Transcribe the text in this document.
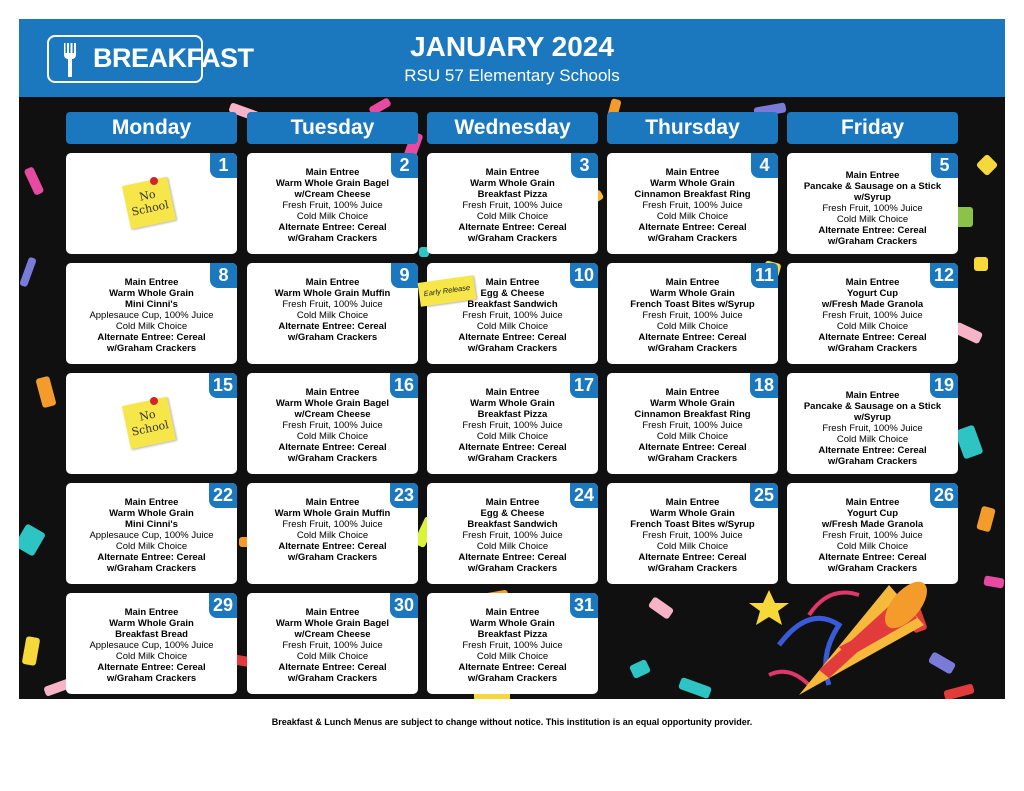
BREAKFAST	JANUARY 2024
RSU 57 Elementary Schools
Monday	Tuesday	Wednesday	Thursday	Friday
1
No School
2
Main Entree
Warm Whole Grain Bagel
w/Cream Cheese
Fresh Fruit, 100% Juice
Cold Milk Choice
Alternate Entree: Cereal
w/Graham Crackers
3
Main Entree
Warm Whole Grain
Breakfast Pizza
Fresh Fruit, 100% Juice
Cold Milk Choice
Alternate Entree: Cereal
w/Graham Crackers
4
Main Entree
Warm Whole Grain
Cinnamon Breakfast Ring
Fresh Fruit, 100% Juice
Cold Milk Choice
Alternate Entree: Cereal
w/Graham Crackers
5
Main Entree
Pancake & Sausage on a Stick
w/Syrup
Fresh Fruit, 100% Juice
Cold Milk Choice
Alternate Entree: Cereal
w/Graham Crackers
8
Main Entree
Warm Whole Grain
Mini Cinni's
Applesauce Cup, 100% Juice
Cold Milk Choice
Alternate Entree: Cereal
w/Graham Crackers
9
Main Entree
Warm Whole Grain Muffin
Fresh Fruit, 100% Juice
Cold Milk Choice
Alternate Entree: Cereal
w/Graham Crackers
10
Main Entree
Egg & Cheese
Breakfast Sandwich
Fresh Fruit, 100% Juice
Cold Milk Choice
Alternate Entree: Cereal
w/Graham Crackers
11
Main Entree
Warm Whole Grain
French Toast Bites w/Syrup
Fresh Fruit, 100% Juice
Cold Milk Choice
Alternate Entree: Cereal
w/Graham Crackers
12
Main Entree
Yogurt Cup
w/Fresh Made Granola
Fresh Fruit, 100% Juice
Cold Milk Choice
Alternate Entree: Cereal
w/Graham Crackers
15
No School
16
Main Entree
Warm Whole Grain Bagel
w/Cream Cheese
Fresh Fruit, 100% Juice
Cold Milk Choice
Alternate Entree: Cereal
w/Graham Crackers
17
Main Entree
Warm Whole Grain
Breakfast Pizza
Fresh Fruit, 100% Juice
Cold Milk Choice
Alternate Entree: Cereal
w/Graham Crackers
18
Main Entree
Warm Whole Grain
Cinnamon Breakfast Ring
Fresh Fruit, 100% Juice
Cold Milk Choice
Alternate Entree: Cereal
w/Graham Crackers
19
Main Entree
Pancake & Sausage on a Stick
w/Syrup
Fresh Fruit, 100% Juice
Cold Milk Choice
Alternate Entree: Cereal
w/Graham Crackers
22
Main Entree
Warm Whole Grain
Mini Cinni's
Applesauce Cup, 100% Juice
Cold Milk Choice
Alternate Entree: Cereal
w/Graham Crackers
23
Main Entree
Warm Whole Grain Muffin
Fresh Fruit, 100% Juice
Cold Milk Choice
Alternate Entree: Cereal
w/Graham Crackers
24
Main Entree
Egg & Cheese
Breakfast Sandwich
Fresh Fruit, 100% Juice
Cold Milk Choice
Alternate Entree: Cereal
w/Graham Crackers
25
Main Entree
Warm Whole Grain
French Toast Bites w/Syrup
Fresh Fruit, 100% Juice
Cold Milk Choice
Alternate Entree: Cereal
w/Graham Crackers
26
Main Entree
Yogurt Cup
w/Fresh Made Granola
Fresh Fruit, 100% Juice
Cold Milk Choice
Alternate Entree: Cereal
w/Graham Crackers
29
Main Entree
Warm Whole Grain
Breakfast Bread
Applesauce Cup, 100% Juice
Cold Milk Choice
Alternate Entree: Cereal
w/Graham Crackers
30
Main Entree
Warm Whole Grain Bagel
w/Cream Cheese
Fresh Fruit, 100% Juice
Cold Milk Choice
Alternate Entree: Cereal
w/Graham Crackers
31
Main Entree
Warm Whole Grain
Breakfast Pizza
Fresh Fruit, 100% Juice
Cold Milk Choice
Alternate Entree: Cereal
w/Graham Crackers
Early Release
Breakfast & Lunch Menus are subject to change without notice. This institution is an equal opportunity provider.
